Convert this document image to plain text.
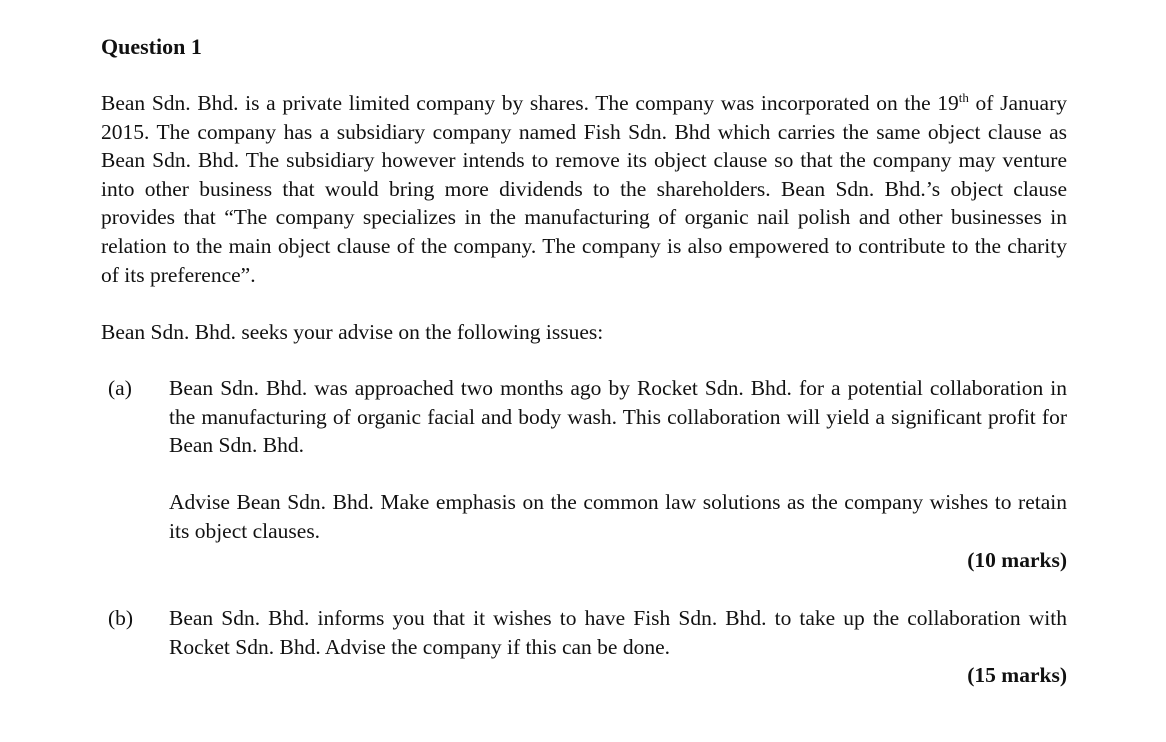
Question 1
Bean Sdn. Bhd. is a private limited company by shares. The company was incorporated on the 19th of January 2015. The company has a subsidiary company named Fish Sdn. Bhd which carries the same object clause as Bean Sdn. Bhd. The subsidiary however intends to remove its object clause so that the company may venture into other business that would bring more dividends to the shareholders. Bean Sdn. Bhd.’s object clause provides that “The company specializes in the manufacturing of organic nail polish and other businesses in relation to the main object clause of the company. The company is also empowered to contribute to the charity of its preference”.
Bean Sdn. Bhd. seeks your advise on the following issues:
(a) Bean Sdn. Bhd. was approached two months ago by Rocket Sdn. Bhd. for a potential collaboration in the manufacturing of organic facial and body wash. This collaboration will yield a significant profit for Bean Sdn. Bhd.
Advise Bean Sdn. Bhd. Make emphasis on the common law solutions as the company wishes to retain its object clauses.
(10 marks)
(b) Bean Sdn. Bhd. informs you that it wishes to have Fish Sdn. Bhd. to take up the collaboration with Rocket Sdn. Bhd. Advise the company if this can be done.
(15 marks)
